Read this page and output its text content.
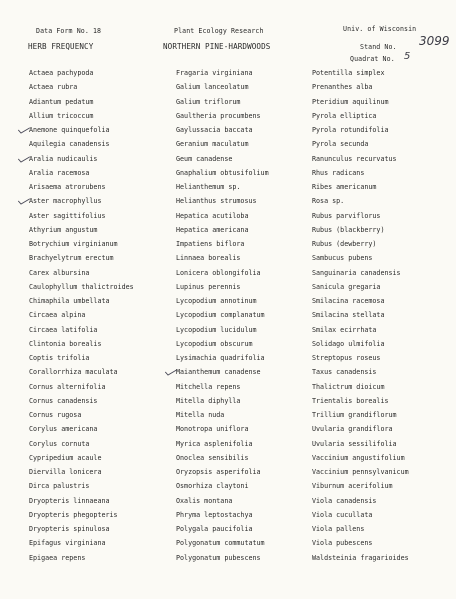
Data Form No. 18	Plant Ecology Research	Univ. of Wisconsin
HERB FREQUENCY	NORTHERN PINE-HARDWOODS	Stand No. 3099
Quadrat No. 5
Actaea pachypoda
Actaea rubra
Adiantum pedatum
Allium tricoccum
Anemone quinquefolia
Aquilegia canadensis
Aralia nudicaulis
Aralia racemosa
Arisaema atrorubens
Aster macrophyllus
Aster sagittifolius
Athyrium angustum
Botrychium virginianum
Brachyelytrum erectum
Carex albursina
Caulophyllum thalictroides
Chimaphila umbellata
Circaea alpina
Circaea latifolia
Clintonia borealis
Coptis trifolia
Corallorrhiza maculata
Cornus alternifolia
Cornus canadensis
Cornus rugosa
Corylus americana
Corylus cornuta
Cypripedium acaule
Diervilla lonicera
Dirca palustris
Dryopteris linnaeana
Dryopteris phegopteris
Dryopteris spinulosa
Epifagus virginiana
Epigaea repens
Fragaria virginiana
Galium lanceolatum
Galium triflorum
Gaultheria procumbens
Gaylussacia baccata
Geranium maculatum
Geum canadense
Gnaphalium obtusifolium
Helianthemum sp.
Helianthus strumosus
Hepatica acutiloba
Hepatica americana
Impatiens biflora
Linnaea borealis
Lonicera oblongifolia
Lupinus perennis
Lycopodium annotinum
Lycopodium complanatum
Lycopodium lucidulum
Lycopodium obscurum
Lysimachia quadrifolia
Maianthemum canadense
Mitchella repens
Mitella diphylla
Mitella nuda
Monotropa uniflora
Myrica asplenifolia
Onoclea sensibilis
Oryzopsis asperifolia
Osmorhiza claytoni
Oxalis montana
Phryma leptostachya
Polygala paucifolia
Polygonatum commutatum
Polygonatum pubescens
Potentilla simplex
Prenanthes alba
Pteridium aquilinum
Pyrola elliptica
Pyrola rotundifolia
Pyrola secunda
Ranunculus recurvatus
Rhus radicans
Ribes americanum
Rosa sp.
Rubus parviflorus
Rubus (blackberry)
Rubus (dewberry)
Sambucus pubens
Sanguinaria canadensis
Sanicula gregaria
Smilacina racemosa
Smilacina stellata
Smilax ecirrhata
Solidago ulmifolia
Streptopus roseus
Taxus canadensis
Thalictrum dioicum
Trientalis borealis
Trillium grandiflorum
Uvularia grandiflora
Uvularia sessilifolia
Vaccinium angustifolium
Vaccinium pennsylvanicum
Viburnum acerifolium
Viola canadensis
Viola cucullata
Viola pallens
Viola pubescens
Waldsteinia fragarioides
